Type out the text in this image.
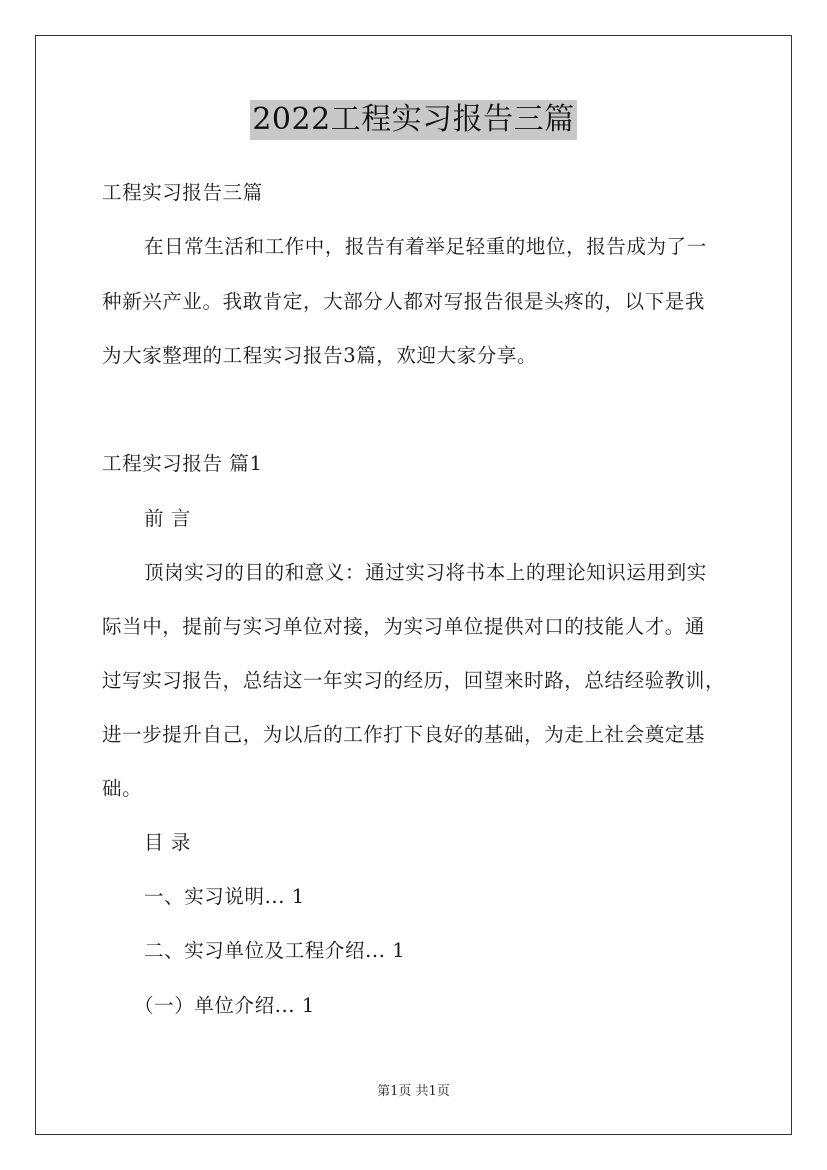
2022工程实习报告三篇
工程实习报告三篇
在日常生活和工作中，报告有着举足轻重的地位，报告成为了一
种新兴产业。我敢肯定，大部分人都对写报告很是头疼的，以下是我
为大家整理的工程实习报告3篇，欢迎大家分享。
工程实习报告 篇1
前 言
顶岗实习的目的和意义：通过实习将书本上的理论知识运用到实
际当中，提前与实习单位对接，为实习单位提供对口的技能人才。通
过写实习报告，总结这一年实习的经历，回望来时路，总结经验教训，
进一步提升自己，为以后的工作打下良好的基础，为走上社会奠定基
础。
目 录
一、实习说明... 1
二、实习单位及工程介绍... 1
（一）单位介绍... 1
第1页 共1页
